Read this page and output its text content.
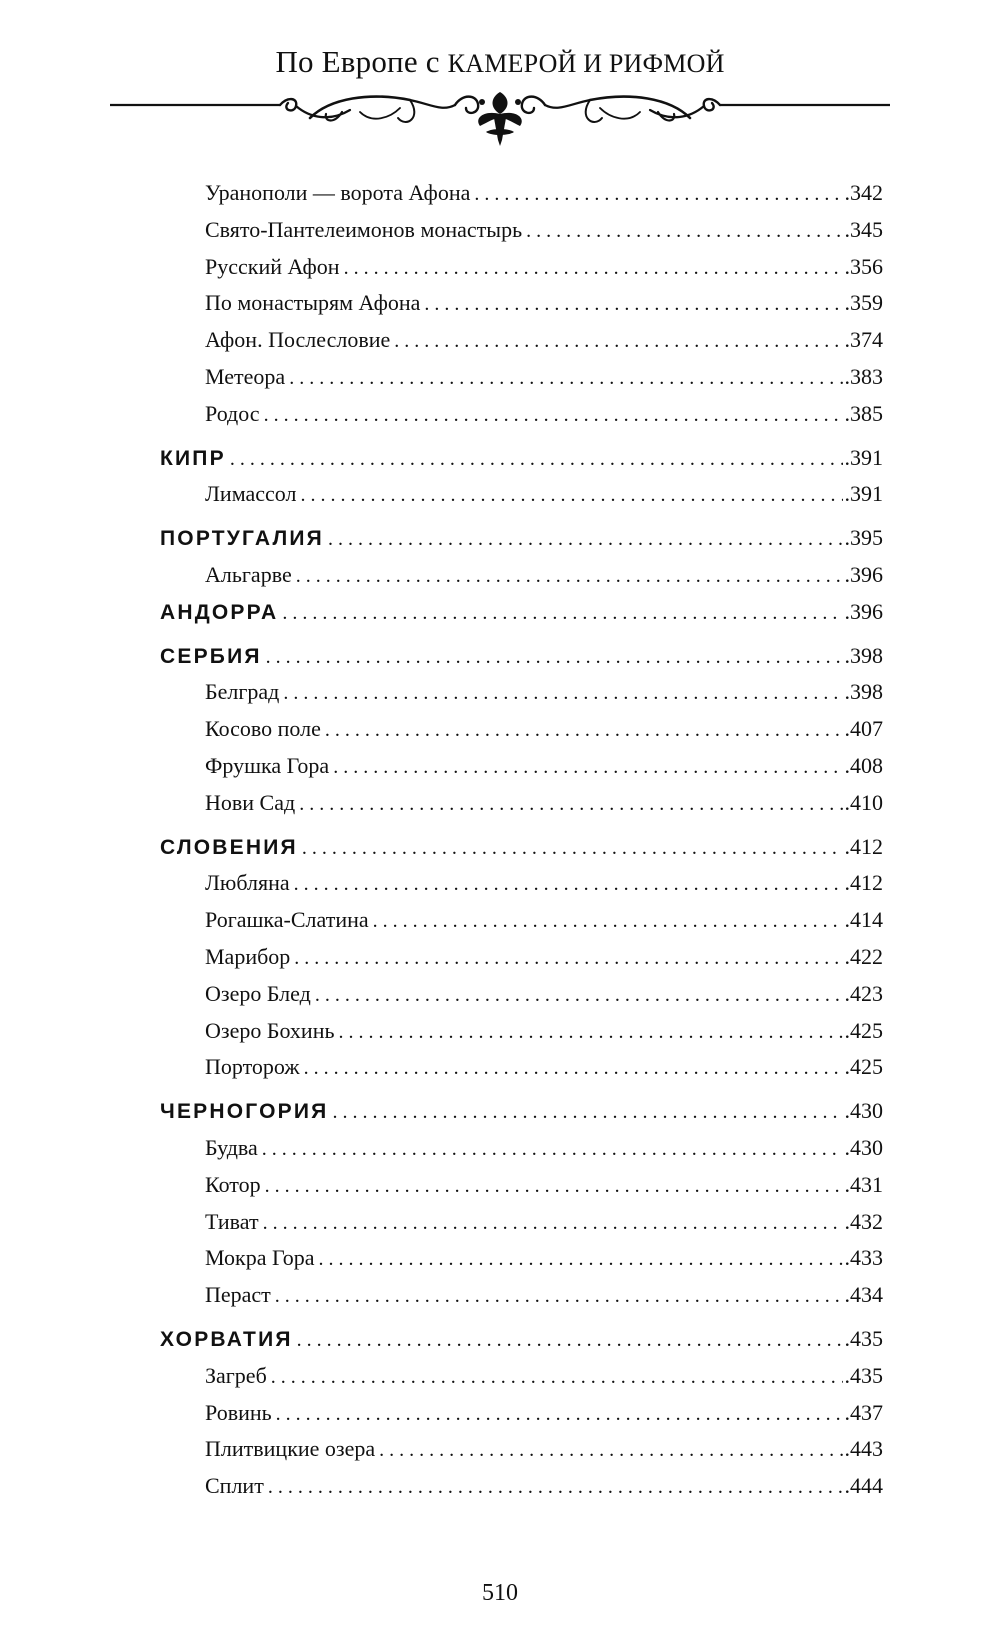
По Европе с КАМЕРОЙ И РИФМОЙ
Уранополи — ворота Афона . . .	.342
Свято-Пантелеимонов монастырь . . .	.345
Русский Афон . . .	.356
По монастырям Афона . . .	.359
Афон. Послесловие . . .	.374
Метеора . . .	.383
Родос . . .	.385
КИПР . . .	.391
Лимассол . . .	.391
ПОРТУГАЛИЯ . . .	.395
Альгарве . . .	.396
АНДОРРА . . .	.396
СЕРБИЯ . . .	.398
Белград . . .	.398
Косово поле . . .	.407
Фрушка Гора . . .	.408
Нови Сад . . .	.410
СЛОВЕНИЯ . . .	.412
Любляна . . .	.412
Рогашка-Слатина . . .	.414
Марибор . . .	.422
Озеро Блед . . .	.423
Озеро Бохинь . . .	.425
Порторож . . .	.425
ЧЕРНОГОРИЯ . . .	.430
Будва . . .	.430
Котор . . .	.431
Тиват . . .	.432
Мокра Гора . . .	.433
Пераст . . .	.434
ХОРВАТИЯ . . .	.435
Загреб . . .	.435
Ровинь . . .	.437
Плитвицкие озера . . .	.443
Сплит . . .	.444
510
